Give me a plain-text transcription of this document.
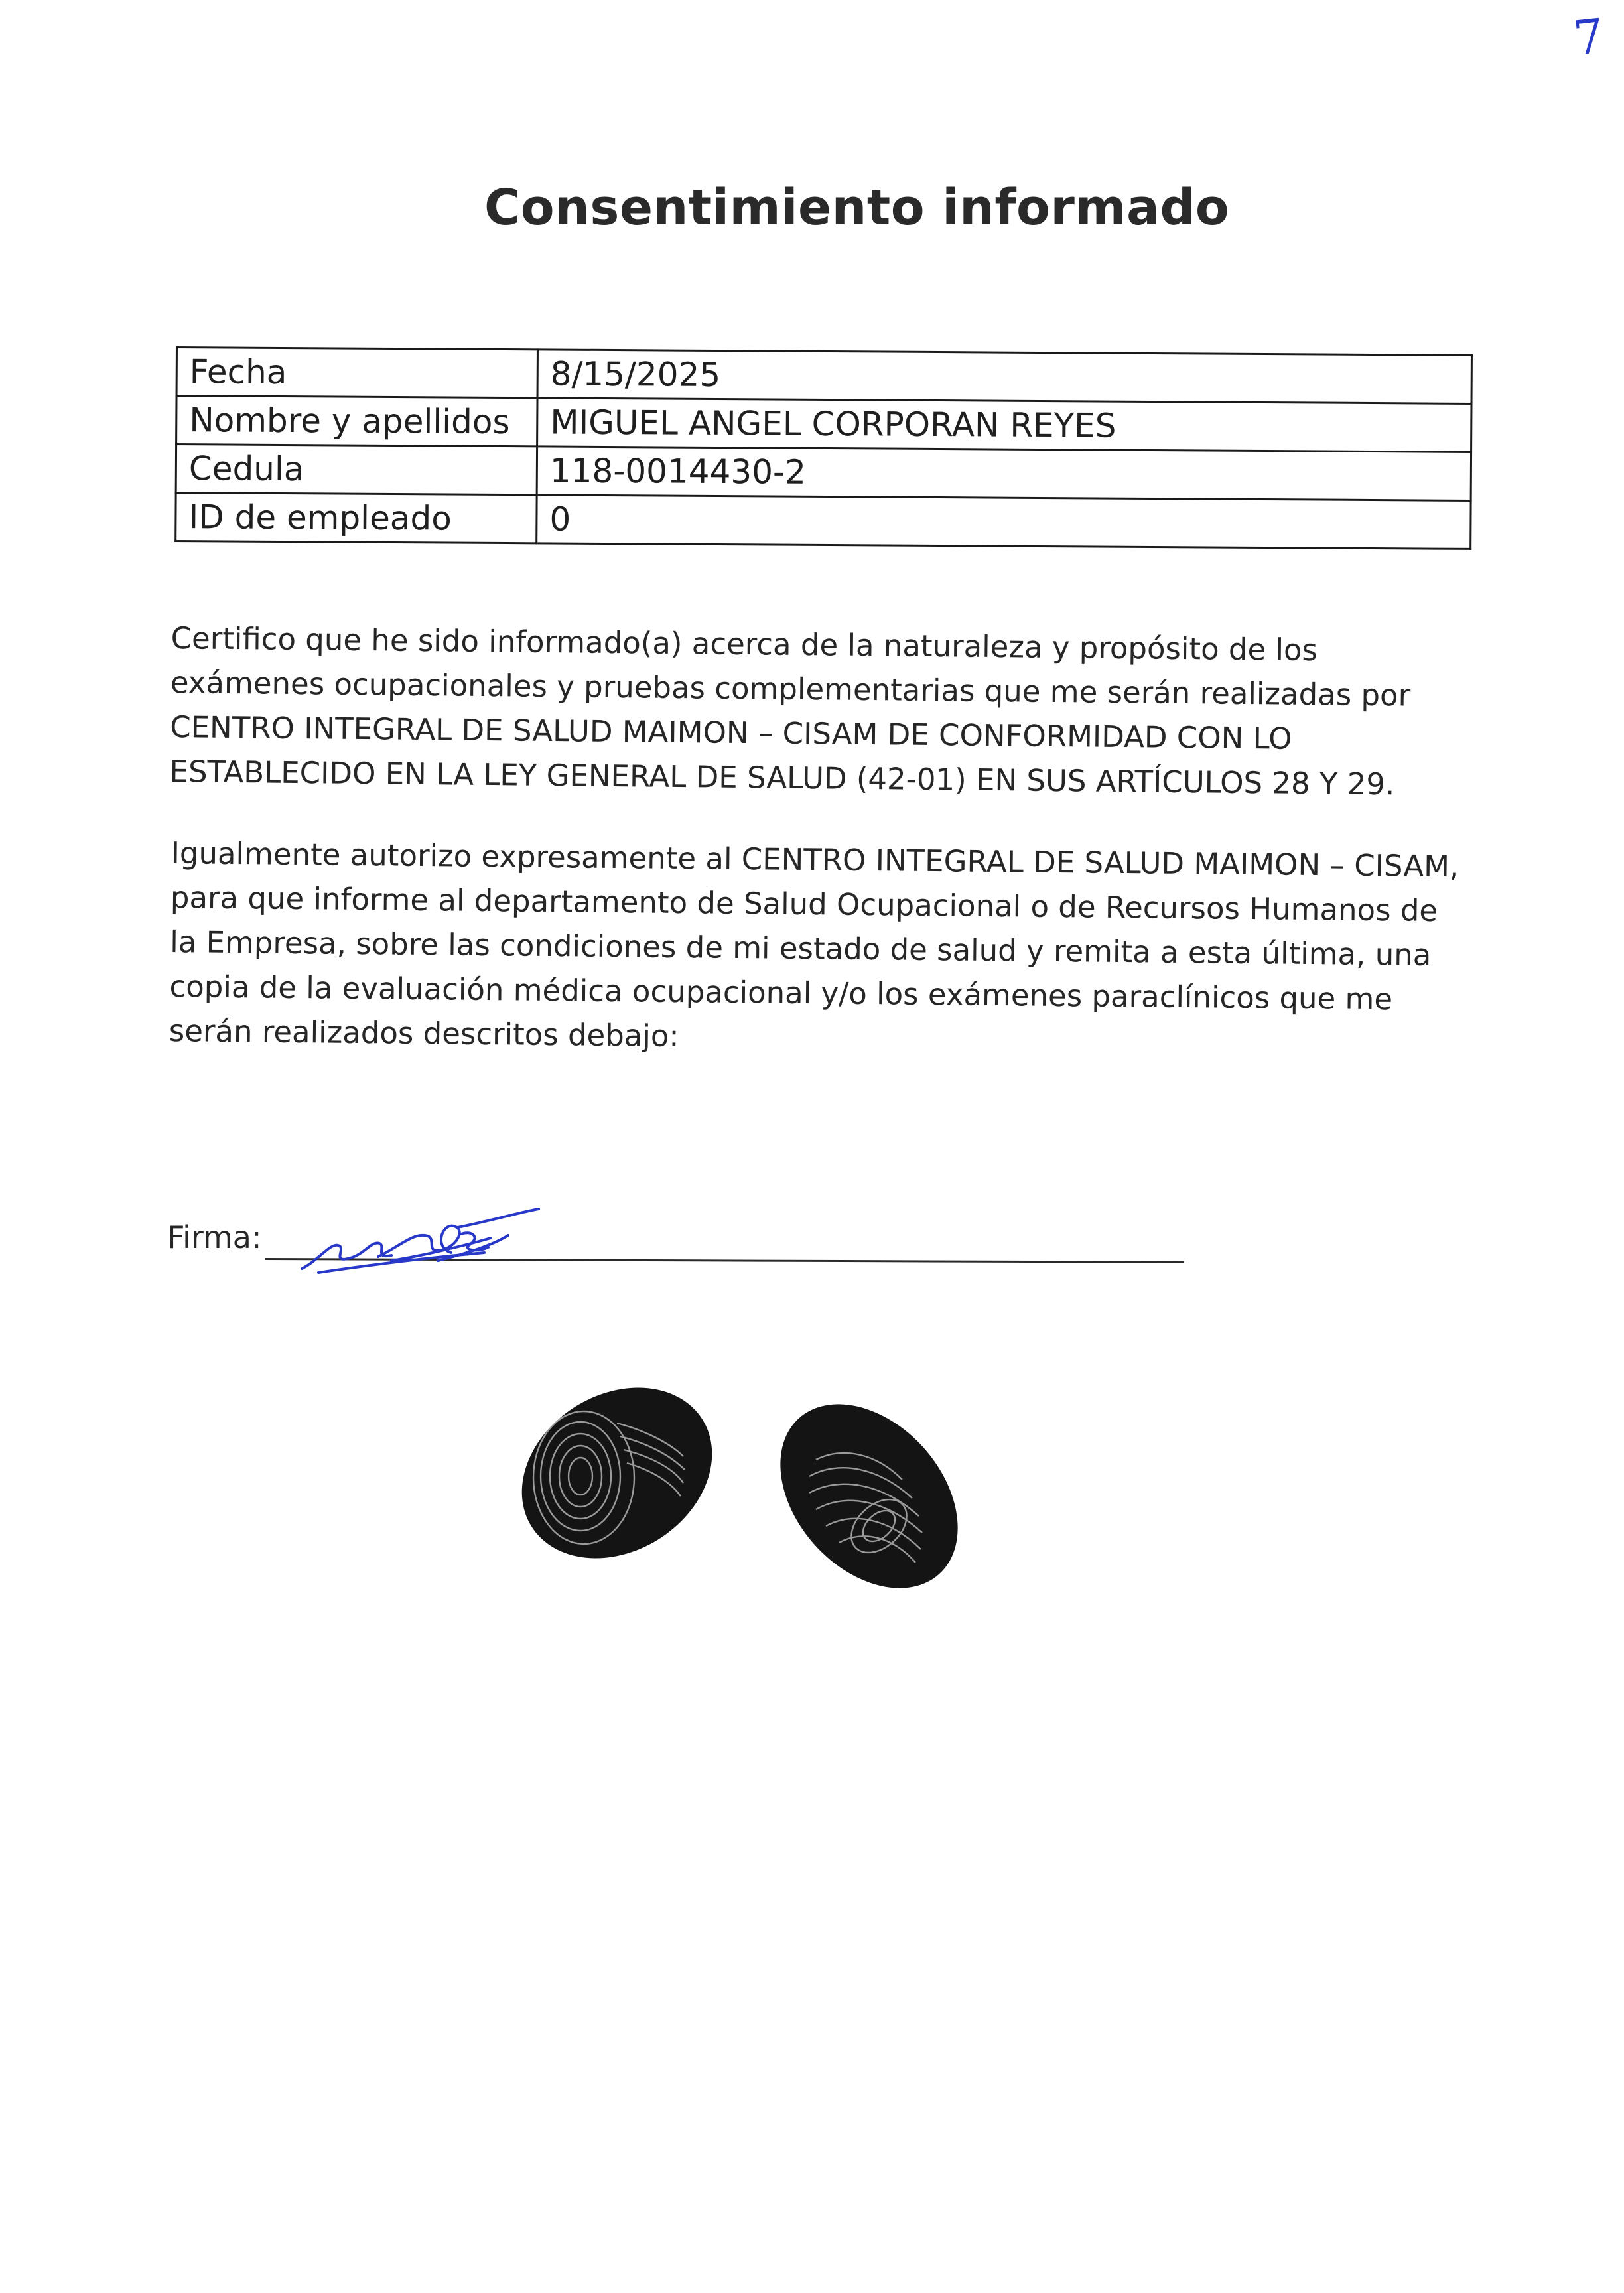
7
Consentimiento informado
Fecha	8/15/2025
Nombre y apellidos	MIGUEL ANGEL CORPORAN REYES
Cedula	118-0014430-2
ID de empleado	0

Certifico que he sido informado(a) acerca de la naturaleza y propósito de los exámenes ocupacionales y pruebas complementarias que me serán realizadas por CENTRO INTEGRAL DE SALUD MAIMON – CISAM DE CONFORMIDAD CON LO ESTABLECIDO EN LA LEY GENERAL DE SALUD (42-01) EN SUS ARTÍCULOS 28 Y 29.

Igualmente autorizo expresamente al CENTRO INTEGRAL DE SALUD MAIMON – CISAM, para que informe al departamento de Salud Ocupacional o de Recursos Humanos de la Empresa, sobre las condiciones de mi estado de salud y remita a esta última, una copia de la evaluación médica ocupacional y/o los exámenes paraclínicos que me serán realizados descritos debajo:

Firma:
